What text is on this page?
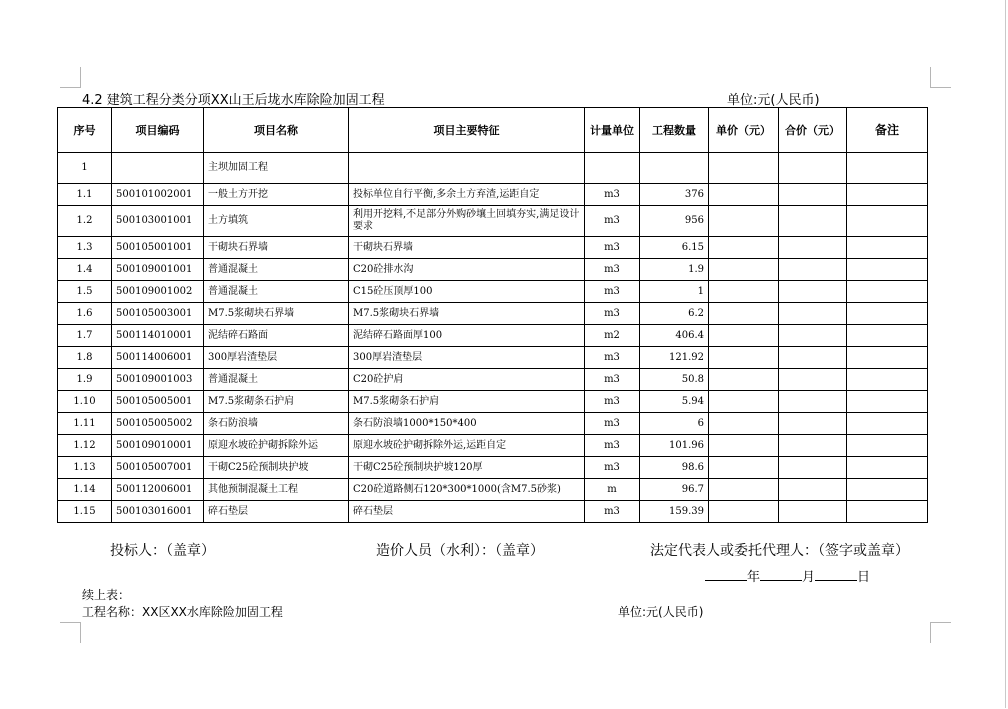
4.2 建筑工程分类分项XX山王后垅水库除险加固工程	单位:元(人民币)
序号	项目编码	项目名称	项目主要特征	计量单位	工程数量	单价（元）	合价（元）	备注
1		主坝加固工程						
1.1	500101002001	一般土方开挖	投标单位自行平衡,多余土方弃渣,运距自定	m3	376			
1.2	500103001001	土方填筑	利用开挖料,不足部分外购砂壤土回填夯实,满足设计要求	m3	956			
1.3	500105001001	干砌块石界墙	干砌块石界墙	m3	6.15			
1.4	500109001001	普通混凝土	C20砼排水沟	m3	1.9			
1.5	500109001002	普通混凝土	C15砼压顶厚100	m3	1			
1.6	500105003001	M7.5浆砌块石界墙	M7.5浆砌块石界墙	m3	6.2			
1.7	500114010001	泥结碎石路面	泥结碎石路面厚100	m2	406.4			
1.8	500114006001	300厚岩渣垫层	300厚岩渣垫层	m3	121.92			
1.9	500109001003	普通混凝土	C20砼护肩	m3	50.8			
1.10	500105005001	M7.5浆砌条石护肩	M7.5浆砌条石护肩	m3	5.94			
1.11	500105005002	条石防浪墙	条石防浪墙1000*150*400	m3	6			
1.12	500109010001	原迎水坡砼护砌拆除外运	原迎水坡砼护砌拆除外运,运距自定	m3	101.96			
1.13	500105007001	干砌C25砼预制块护坡	干砌C25砼预制块护坡120厚	m3	98.6			
1.14	500112006001	其他预制混凝土工程	C20砼道路侧石120*300*1000(含M7.5砂浆)	m	96.7			
1.15	500103016001	碎石垫层	碎石垫层	m3	159.39			
投标人：（盖章）	造价人员（水利）：（盖章）	法定代表人或委托代理人：（签字或盖章）
年	月	日
续上表：
工程名称：XX区XX水库除险加固工程	单位:元(人民币)
